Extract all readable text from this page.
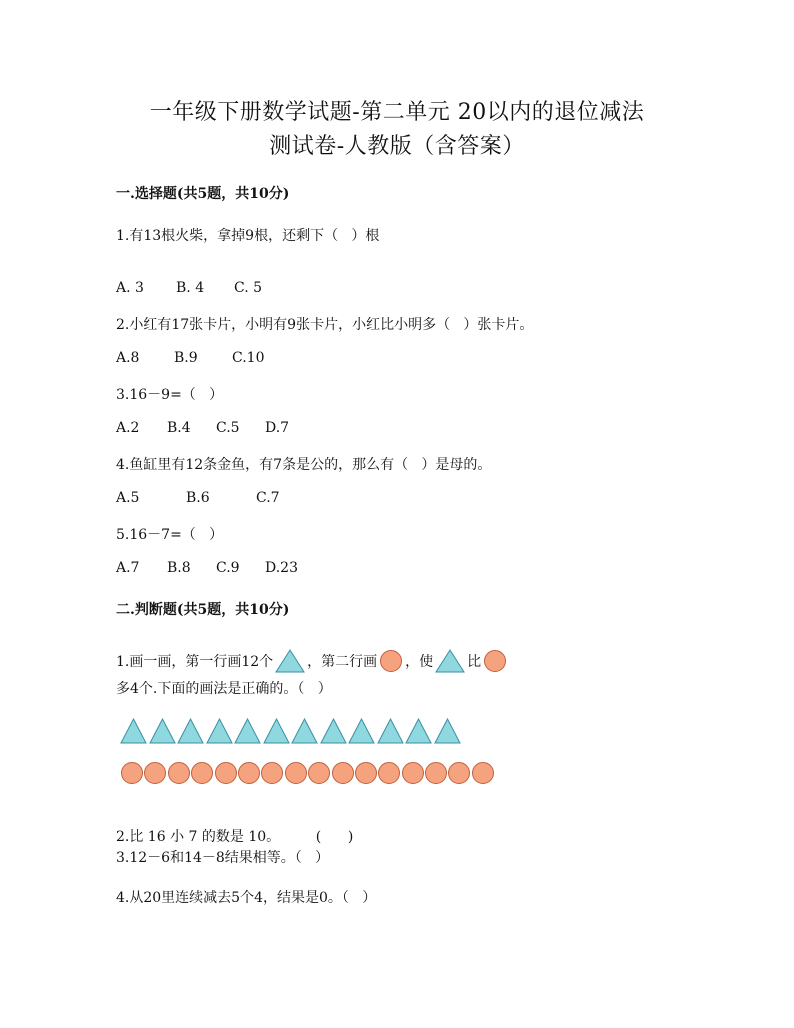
一年级下册数学试题-第二单元 20以内的退位减法
测试卷-人教版（含答案）
一.选择题(共5题，共10分)
1.有13根火柴，拿掉9根，还剩下（   ）根
A. 3	B. 4	C. 5
2.小红有17张卡片，小明有9张卡片，小红比小明多（   ）张卡片。
A.8	B.9	C.10
3.16－9=（   ）
A.2	B.4	C.5	D.7
4.鱼缸里有12条金鱼，有7条是公的，那么有（   ）是母的。
A.5	B.6	C.7
5.16－7=（   ）
A.7	B.8	C.9	D.23
二.判断题(共5题，共10分)
1.画一画，第一行画12个 ，第二行画 ，使 比
多4个.下面的画法是正确的。（   ）
2.比 16 小 7 的数是 10。        (      )
3.12－6和14－8结果相等。（   ）
4.从20里连续减去5个4，结果是0。（   ）
